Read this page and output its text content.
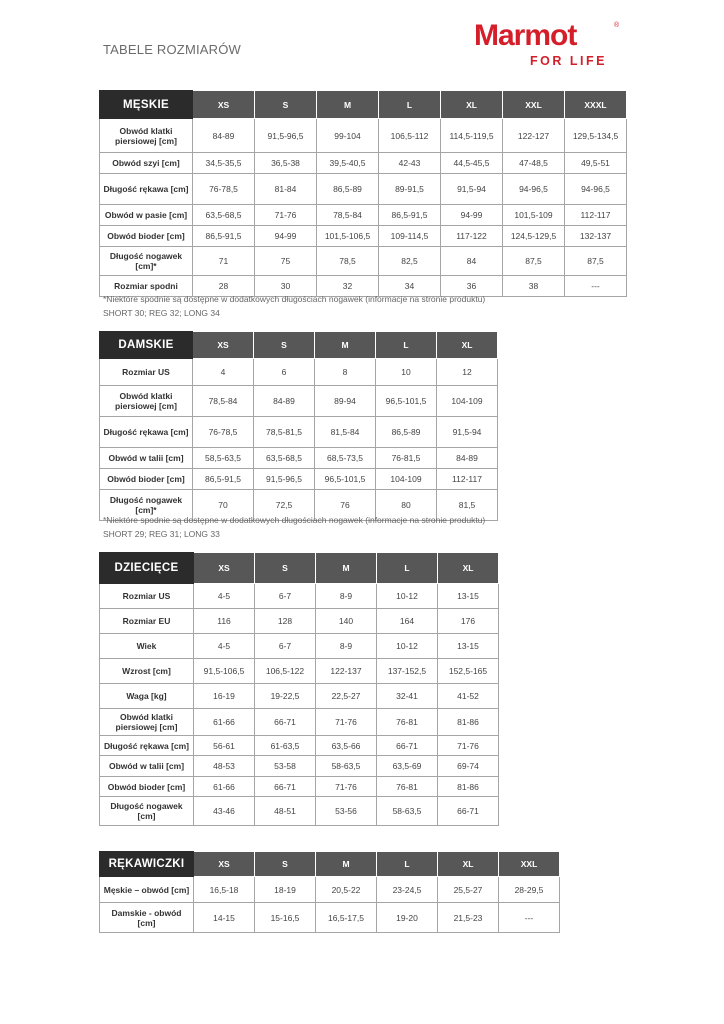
TABELE ROZMIARÓW	Marmot	®
FOR LIFE
MĘSKIE	XS	S	M	L	XL	XXL	XXXL
Obwód klatki piersiowej [cm]	84-89	91,5-96,5	99-104	106,5-112	114,5-119,5	122-127	129,5-134,5
Obwód szyi [cm]	34,5-35,5	36,5-38	39,5-40,5	42-43	44,5-45,5	47-48,5	49,5-51
Długość rękawa [cm]	76-78,5	81-84	86,5-89	89-91,5	91,5-94	94-96,5	94-96,5
Obwód w pasie [cm]	63,5-68,5	71-76	78,5-84	86,5-91,5	94-99	101,5-109	112-117
Obwód bioder [cm]	86,5-91,5	94-99	101,5-106,5	109-114,5	117-122	124,5-129,5	132-137
Długość nogawek [cm]*	71	75	78,5	82,5	84	87,5	87,5
Rozmiar spodni	28	30	32	34	36	38	---
*Niektóre spodnie są dostępne w dodatkowych długościach nogawek (informacje na stronie produktu)
SHORT 30; REG 32; LONG 34
DAMSKIE	XS	S	M	L	XL
Rozmiar US	4	6	8	10	12
Obwód klatki piersiowej [cm]	78,5-84	84-89	89-94	96,5-101,5	104-109
Długość rękawa [cm]	76-78,5	78,5-81,5	81,5-84	86,5-89	91,5-94
Obwód w talii [cm]	58,5-63,5	63,5-68,5	68,5-73,5	76-81,5	84-89
Obwód bioder [cm]	86,5-91,5	91,5-96,5	96,5-101,5	104-109	112-117
Długość nogawek [cm]*	70	72,5	76	80	81,5
*Niektóre spodnie są dostępne w dodatkowych długościach nogawek (informacje na stronie produktu)
SHORT 29; REG 31; LONG 33
DZIECIĘCE	XS	S	M	L	XL
Rozmiar US	4-5	6-7	8-9	10-12	13-15
Rozmiar EU	116	128	140	164	176
Wiek	4-5	6-7	8-9	10-12	13-15
Wzrost [cm]	91,5-106,5	106,5-122	122-137	137-152,5	152,5-165
Waga [kg]	16-19	19-22,5	22,5-27	32-41	41-52
Obwód klatki piersiowej [cm]	61-66	66-71	71-76	76-81	81-86
Długość rękawa [cm]	56-61	61-63,5	63,5-66	66-71	71-76
Obwód w talii [cm]	48-53	53-58	58-63,5	63,5-69	69-74
Obwód bioder [cm]	61-66	66-71	71-76	76-81	81-86
Długość nogawek [cm]	43-46	48-51	53-56	58-63,5	66-71
RĘKAWICZKI	XS	S	M	L	XL	XXL
Męskie – obwód [cm]	16,5-18	18-19	20,5-22	23-24,5	25,5-27	28-29,5
Damskie - obwód [cm]	14-15	15-16,5	16,5-17,5	19-20	21,5-23	---
